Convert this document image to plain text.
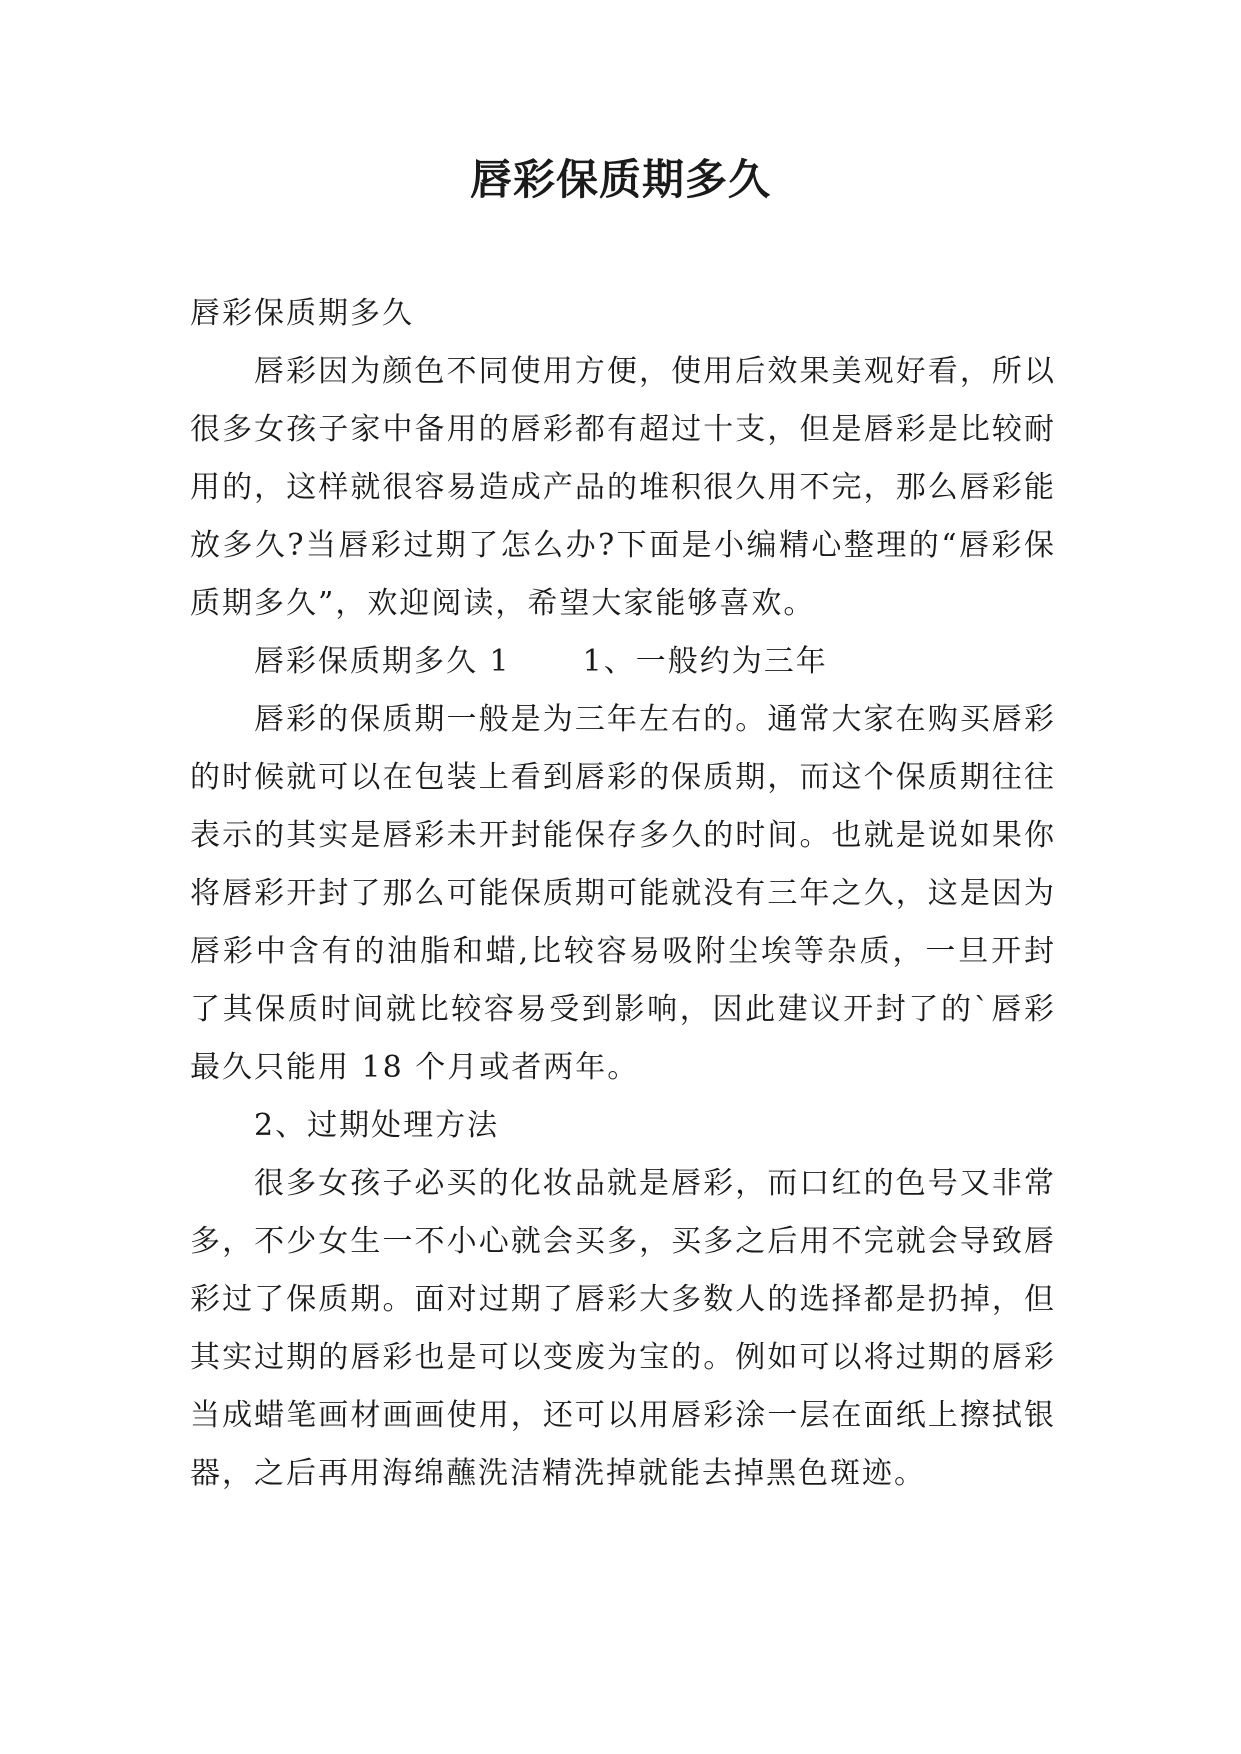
唇彩保质期多久

唇彩保质期多久

唇彩因为颜色不同使用方便，使用后效果美观好看，所以很多女孩子家中备用的唇彩都有超过十支，但是唇彩是比较耐用的，这样就很容易造成产品的堆积很久用不完，那么唇彩能放多久?当唇彩过期了怎么办?下面是小编精心整理的“唇彩保质期多久”，欢迎阅读，希望大家能够喜欢。

唇彩保质期多久 1 1、一般约为三年

唇彩的保质期一般是为三年左右的。通常大家在购买唇彩的时候就可以在包装上看到唇彩的保质期，而这个保质期往往表示的其实是唇彩未开封能保存多久的时间。也就是说如果你将唇彩开封了那么可能保质期可能就没有三年之久，这是因为唇彩中含有的油脂和蜡,比较容易吸附尘埃等杂质，一旦开封了其保质时间就比较容易受到影响，因此建议开封了的`唇彩最久只能用 18 个月或者两年。

2、过期处理方法

很多女孩子必买的化妆品就是唇彩，而口红的色号又非常多，不少女生一不小心就会买多，买多之后用不完就会导致唇彩过了保质期。面对过期了唇彩大多数人的选择都是扔掉，但其实过期的唇彩也是可以变废为宝的。例如可以将过期的唇彩当成蜡笔画材画画使用，还可以用唇彩涂一层在面纸上擦拭银器，之后再用海绵蘸洗洁精洗掉就能去掉黑色斑迹。
